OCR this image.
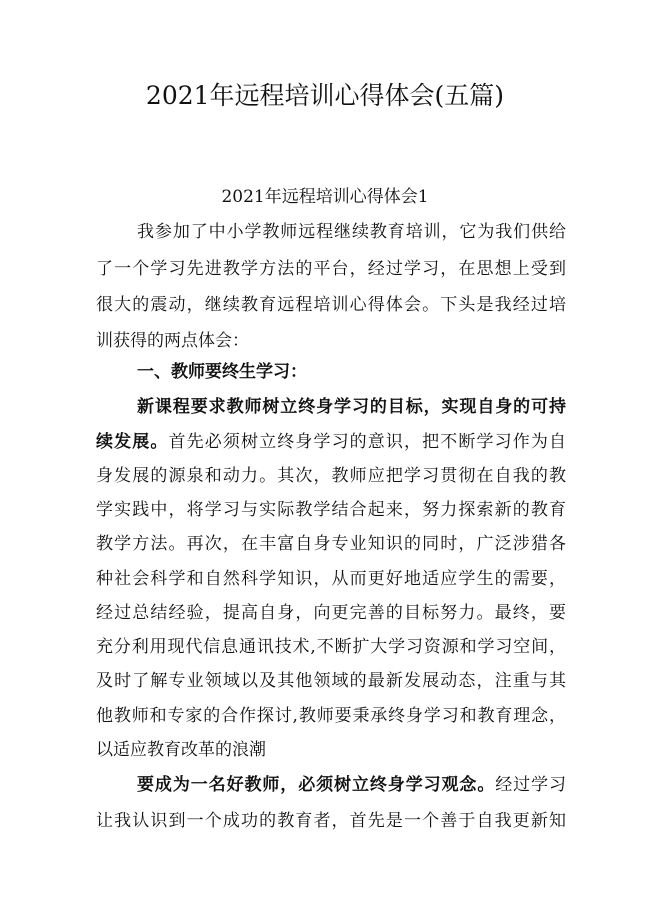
2021年远程培训心得体会(五篇)
2021年远程培训心得体会1
我参加了中小学教师远程继续教育培训，它为我们供给
了一个学习先进教学方法的平台，经过学习，在思想上受到
很大的震动，继续教育远程培训心得体会。下头是我经过培
训获得的两点体会：
一、教师要终生学习：
新课程要求教师树立终身学习的目标，实现自身的可持
续发展。首先必须树立终身学习的意识，把不断学习作为自
身发展的源泉和动力。其次，教师应把学习贯彻在自我的教
学实践中，将学习与实际教学结合起来，努力探索新的教育
教学方法。再次，在丰富自身专业知识的同时，广泛涉猎各
种社会科学和自然科学知识，从而更好地适应学生的需要，
经过总结经验，提高自身，向更完善的目标努力。最终，要
充分利用现代信息通讯技术,不断扩大学习资源和学习空间，
及时了解专业领域以及其他领域的最新发展动态，注重与其
他教师和专家的合作探讨,教师要秉承终身学习和教育理念，
以适应教育改革的浪潮
要成为一名好教师，必须树立终身学习观念。经过学习
让我认识到一个成功的教育者，首先是一个善于自我更新知
